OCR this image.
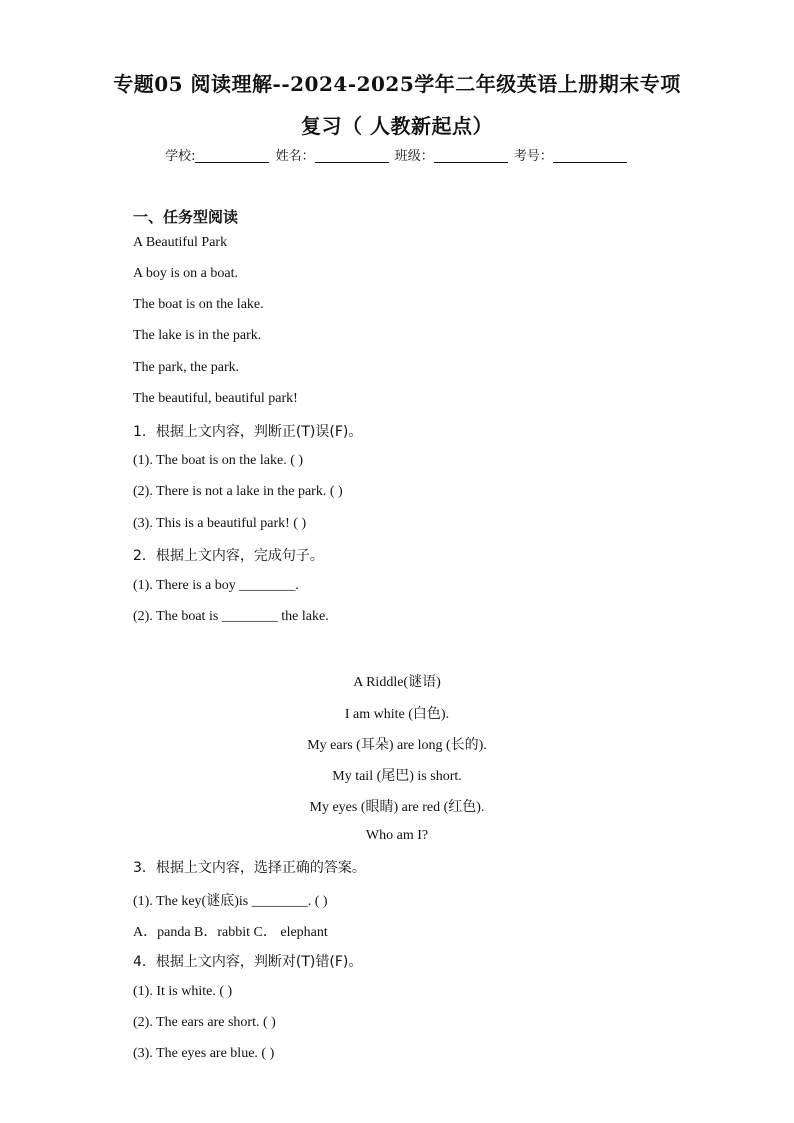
专题05 阅读理解--2024-2025学年二年级英语上册期末专项
复习（ 人教新起点）
学校:	姓名：	班级：	考号：
一、任务型阅读
A Beautiful Park
A boy is on a boat.
The boat is on the lake.
The lake is in the park.
The park, the park.
The beautiful, beautiful park!
1．根据上文内容，判断正(T)误(F)。
(1). The boat is on the lake. ( )
(2). There is not a lake in the park. ( )
(3). This is a beautiful park! ( )
2．根据上文内容，完成句子。
(1). There is a boy ________.
(2). The boat is ________ the lake.
A Riddle(谜语)
I am white (白色).
My ears (耳朵) are long (长的).
My tail (尾巴) is short.
My eyes (眼睛) are red (红色).
Who am I?
3．根据上文内容，选择正确的答案。
(1). The key(谜底)is ________. ( )
A．panda B．rabbit C． elephant
4．根据上文内容，判断对(T)错(F)。
(1). It is white. ( )
(2). The ears are short. ( )
(3). The eyes are blue. ( )
